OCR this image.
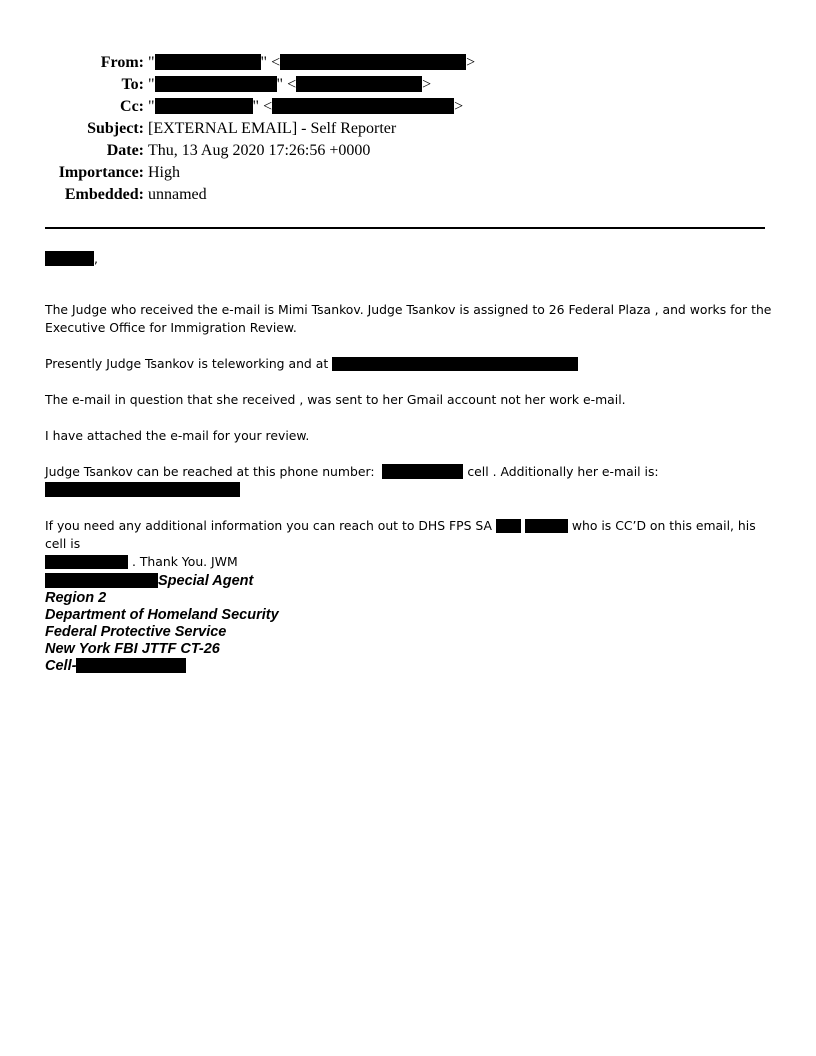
From: "	" <	>
To: "	" <	>
Cc: "	" <	>
Subject: [EXTERNAL EMAIL] - Self Reporter
Date: Thu, 13 Aug 2020 17:26:56 +0000
Importance: High
Embedded: unnamed
,
The Judge who received the e-mail is Mimi Tsankov. Judge Tsankov is assigned to 26 Federal Plaza , and works for the Executive Office for Immigration Review.
Presently Judge Tsankov is teleworking and at
The e-mail in question that she received , was sent to her Gmail account not her work e-mail.
I have attached the e-mail for your review.
Judge Tsankov can be reached at this phone number:	cell . Additionally her e-mail is:

If you need any additional information you can reach out to DHS FPS SA	who is CC’D on this email, his cell is
. Thank You. JWM
Special Agent
Region 2
Department of Homeland Security
Federal Protective Service
New York FBI JTTF CT-26
Cell-
